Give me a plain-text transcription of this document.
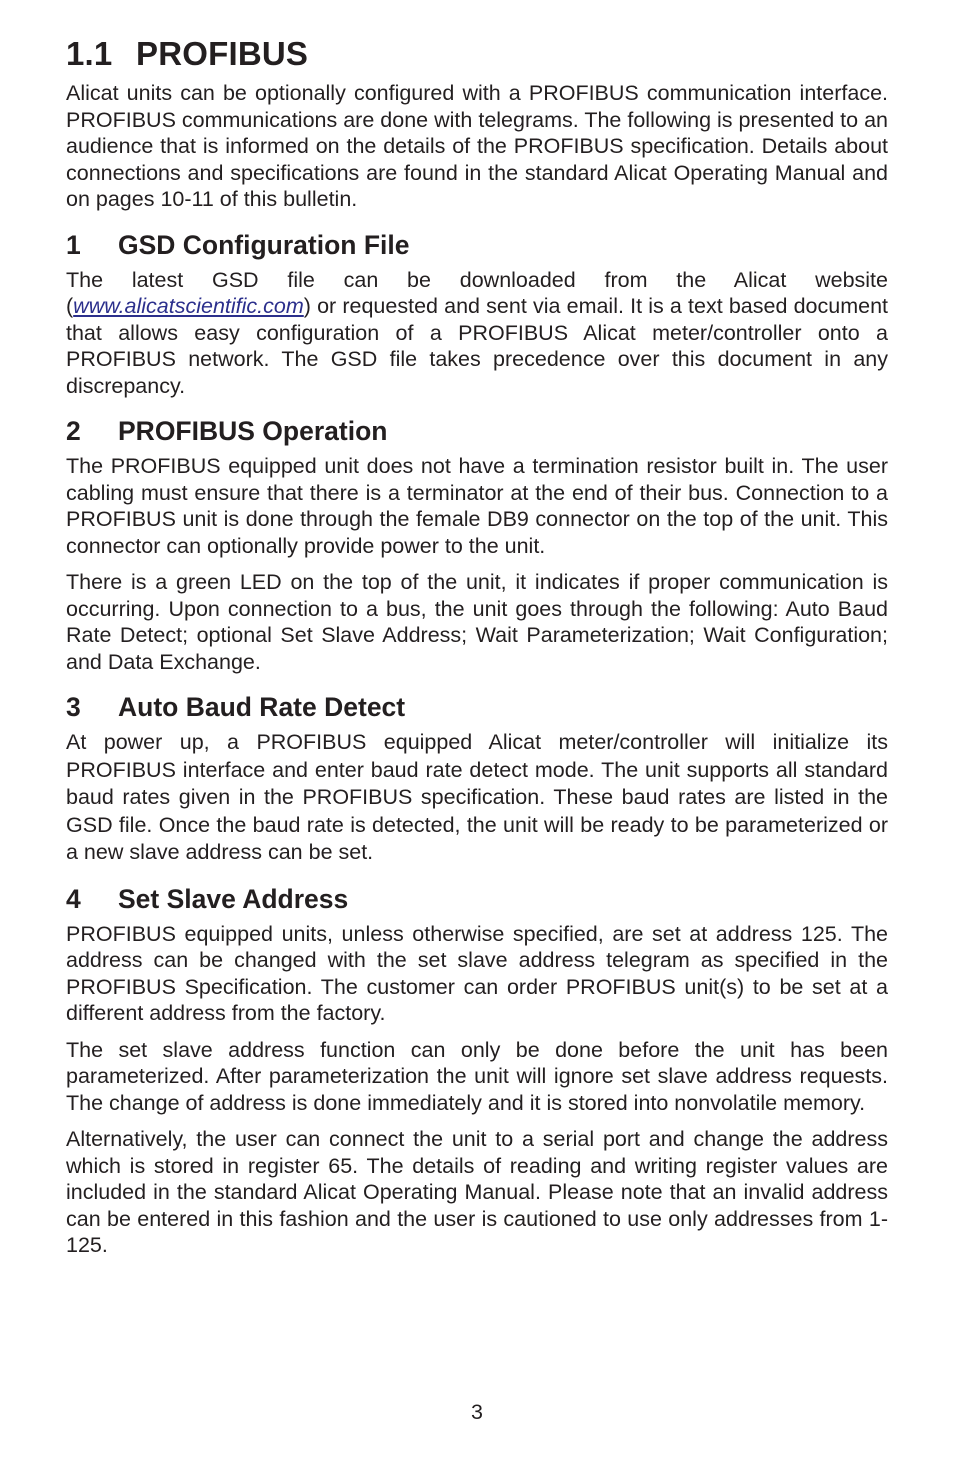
1.1 PROFIBUS

Alicat units can be optionally configured with a PROFIBUS communication interface. PROFIBUS communications are done with telegrams. The following is presented to an audience that is informed on the details of the PROFIBUS specification. Details about connections and specifications are found in the standard Alicat Operating Manual and on pages 10-11 of this bulletin.

1 GSD Configuration File

The latest GSD file can be downloaded from the Alicat website (www.alicatscientific.com) or requested and sent via email. It is a text based document that allows easy configuration of a PROFIBUS Alicat meter/controller onto a PROFIBUS network. The GSD file takes precedence over this document in any discrepancy.

2 PROFIBUS Operation

The PROFIBUS equipped unit does not have a termination resistor built in. The user cabling must ensure that there is a terminator at the end of their bus. Connection to a PROFIBUS unit is done through the female DB9 connector on the top of the unit. This connector can optionally provide power to the unit.

There is a green LED on the top of the unit, it indicates if proper communication is occurring. Upon connection to a bus, the unit goes through the following: Auto Baud Rate Detect; optional Set Slave Address; Wait Parameterization; Wait Configuration; and Data Exchange.

3 Auto Baud Rate Detect

At power up, a PROFIBUS equipped Alicat meter/controller will initialize its PROFIBUS interface and enter baud rate detect mode. The unit supports all standard baud rates given in the PROFIBUS specification. These baud rates are listed in the GSD file. Once the baud rate is detected, the unit will be ready to be parameterized or a new slave address can be set.

4 Set Slave Address

PROFIBUS equipped units, unless otherwise specified, are set at address 125. The address can be changed with the set slave address telegram as specified in the PROFIBUS Specification. The customer can order PROFIBUS unit(s) to be set at a different address from the factory.

The set slave address function can only be done before the unit has been parameterized. After parameterization the unit will ignore set slave address requests. The change of address is done immediately and it is stored into nonvolatile memory.

Alternatively, the user can connect the unit to a serial port and change the address which is stored in register 65. The details of reading and writing register values are included in the standard Alicat Operating Manual. Please note that an invalid address can be entered in this fashion and the user is cautioned to use only addresses from 1-125.

3
